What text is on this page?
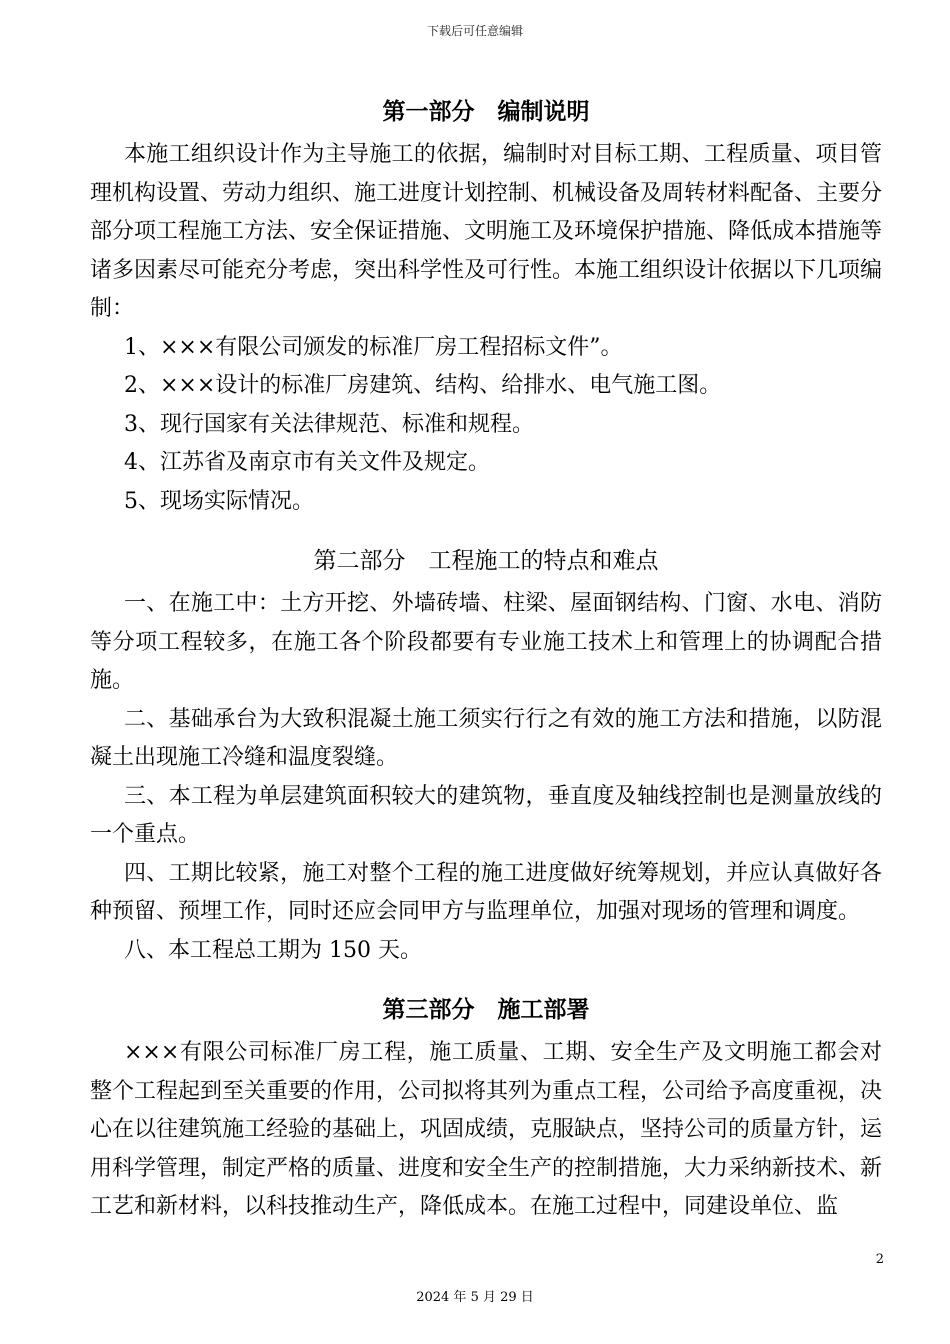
下载后可任意编辑
第一部分　编制说明

本施工组织设计作为主导施工的依据，编制时对目标工期、工程质量、项目管理机构设置、劳动力组织、施工进度计划控制、机械设备及周转材料配备、主要分部分项工程施工方法、安全保证措施、文明施工及环境保护措施、降低成本措施等诸多因素尽可能充分考虑，突出科学性及可行性。本施工组织设计依据以下几项编制：

1、×××有限公司颁发的标准厂房工程招标文件”。

2、×××设计的标准厂房建筑、结构、给排水、电气施工图。

3、现行国家有关法律规范、标准和规程。

4、江苏省及南京市有关文件及规定。

5、现场实际情况。

第二部分　工程施工的特点和难点

一、在施工中：土方开挖、外墙砖墙、柱梁、屋面钢结构、门窗、水电、消防等分项工程较多，在施工各个阶段都要有专业施工技术上和管理上的协调配合措施。

二、基础承台为大致积混凝土施工须实行行之有效的施工方法和措施，以防混凝土出现施工冷缝和温度裂缝。

三、本工程为单层建筑面积较大的建筑物，垂直度及轴线控制也是测量放线的一个重点。

四、工期比较紧，施工对整个工程的施工进度做好统筹规划，并应认真做好各种预留、预埋工作，同时还应会同甲方与监理单位，加强对现场的管理和调度。

八、本工程总工期为 150 天。

第三部分　施工部署

×××有限公司标准厂房工程，施工质量、工期、安全生产及文明施工都会对整个工程起到至关重要的作用，公司拟将其列为重点工程，公司给予高度重视，决心在以往建筑施工经验的基础上，巩固成绩，克服缺点，坚持公司的质量方针，运用科学管理，制定严格的质量、进度和安全生产的控制措施，大力采纳新技术、新工艺和新材料，以科技推动生产，降低成本。在施工过程中，同建设单位、监

2
2024 年 5 月 29 日
